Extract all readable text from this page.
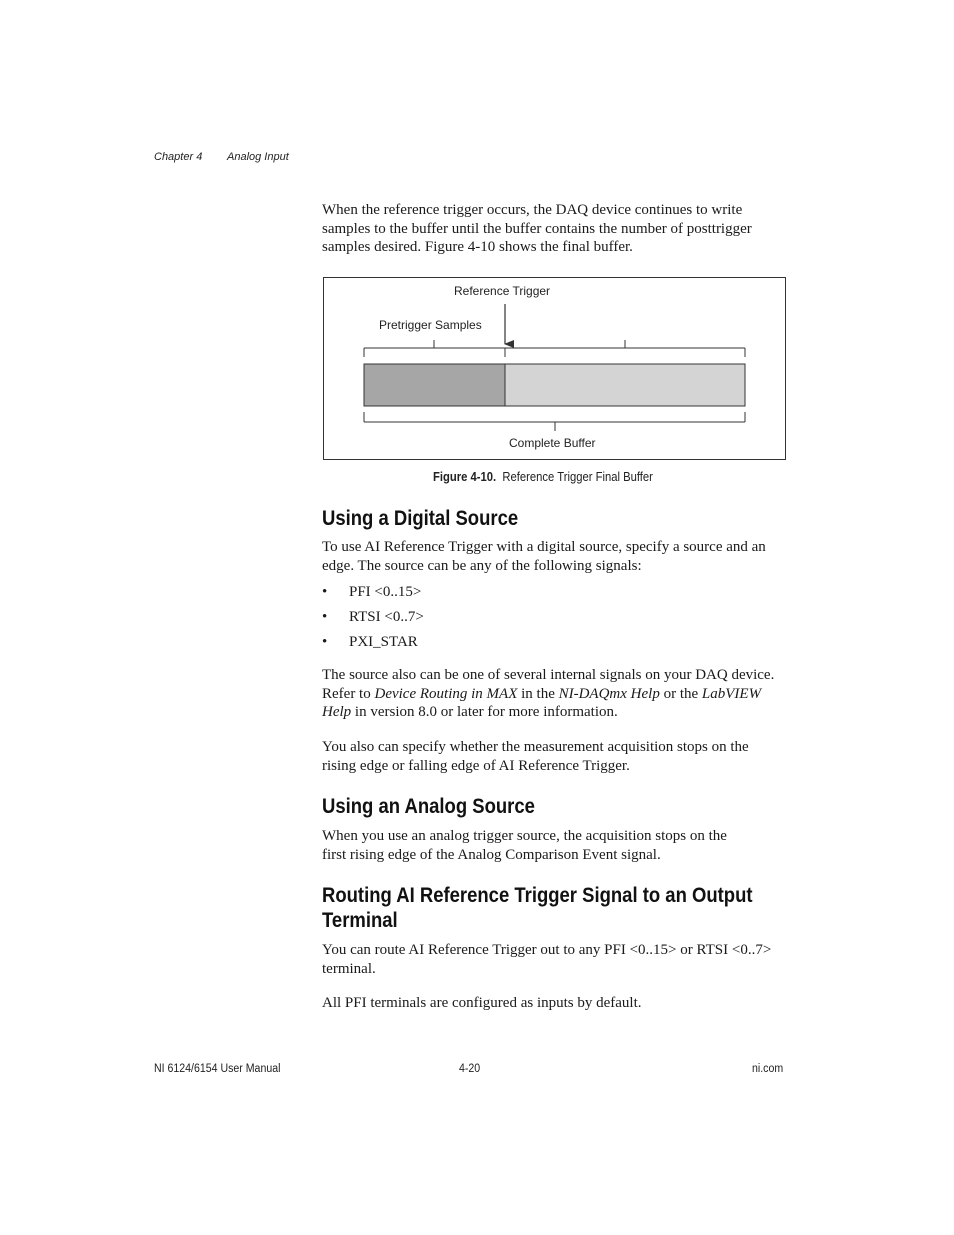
Chapter 4 Analog Input

When the reference trigger occurs, the DAQ device continues to write

samples to the buffer until the buffer contains the number of posttrigger

samples desired. Figure 4-10 shows the final buffer.

Reference Trigger
Pretrigger Samples
Complete Buffer
Figure 4-10. Reference Trigger Final Buffer
Using a Digital Source

To use AI Reference Trigger with a digital source, specify a source and an

edge. The source can be any of the following signals:

• PFI <0..15>
• RTSI <0..7>
• PXI_STAR

The source also can be one of several internal signals on your DAQ device.

Refer to Device Routing in MAX in the NI-DAQmx Help or the LabVIEW

Help in version 8.0 or later for more information.

You also can specify whether the measurement acquisition stops on the

rising edge or falling edge of AI Reference Trigger.

Using an Analog Source

When you use an analog trigger source, the acquisition stops on the

first rising edge of the Analog Comparison Event signal.

Routing AI Reference Trigger Signal to an Output
Terminal

You can route AI Reference Trigger out to any PFI <0..15> or RTSI <0..7>

terminal.

All PFI terminals are configured as inputs by default.

NI 6124/6154 User Manual	4-20	ni.com
